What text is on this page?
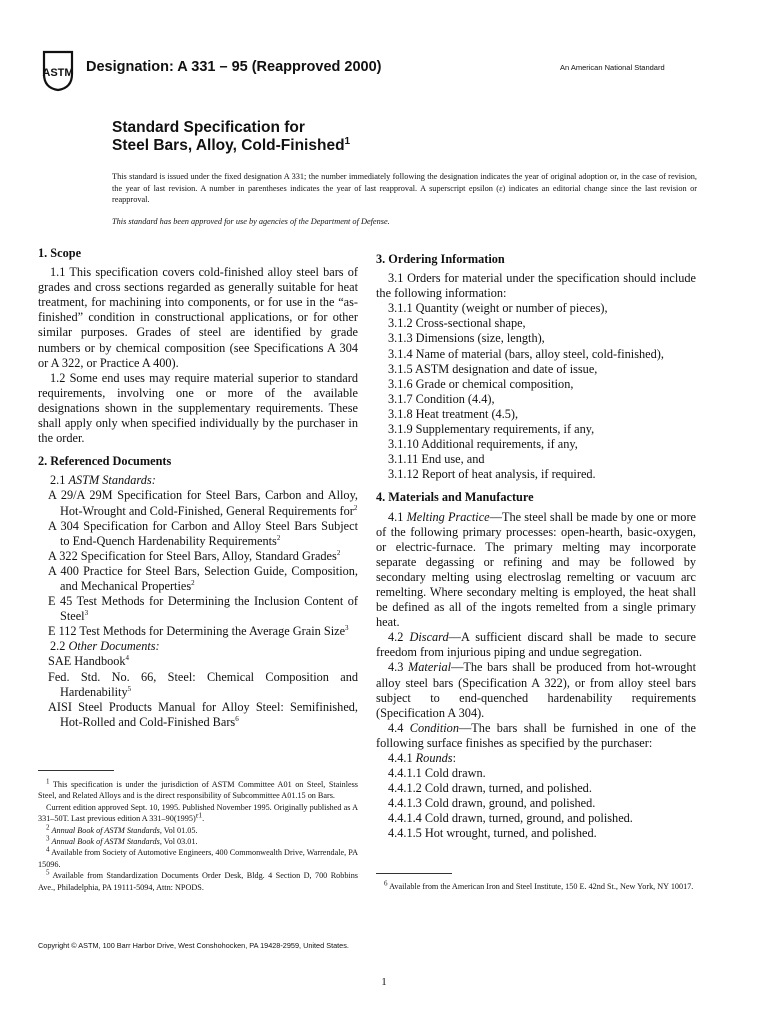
ASTM Designation: A 331 – 95 (Reapproved 2000)	An American National Standard
Standard Specification for
Steel Bars, Alloy, Cold-Finished$^1$
This standard is issued under the fixed designation A 331; the number immediately following the designation indicates the year of original adoption or, in the case of revision, the year of last revision. A number in parentheses indicates the year of last reapproval. A superscript epsilon (ε) indicates an editorial change since the last revision or reapproval.
This standard has been approved for use by agencies of the Department of Defense.
1. Scope

1.1 This specification covers cold-finished alloy steel bars of grades and cross sections regarded as generally suitable for heat treatment, for machining into components, or for use in the “as-finished” condition in constructional applications, or for other similar purposes. Grades of steel are identified by grade numbers or by chemical composition (see Specifications A 304 or A 322, or Practice A 400).

1.2 Some end uses may require material superior to standard requirements, involving one or more of the available designations shown in the supplementary requirements. These shall apply only when specified individually by the purchaser in the order.

2. Referenced Documents
2.1 ASTM Standards:
A 29/A 29M Specification for Steel Bars, Carbon and Alloy, Hot-Wrought and Cold-Finished, General Requirements for$^2$
A 304 Specification for Carbon and Alloy Steel Bars Subject to End-Quench Hardenability Requirements$^2$
A 322 Specification for Steel Bars, Alloy, Standard Grades$^2$
A 400 Practice for Steel Bars, Selection Guide, Composition, and Mechanical Properties$^2$
E 45 Test Methods for Determining the Inclusion Content of Steel$^3$
E 112 Test Methods for Determining the Average Grain Size$^3$
2.2 Other Documents:
SAE Handbook$^4$
Fed. Std. No. 66, Steel: Chemical Composition and Hardenability$^5$
AISI Steel Products Manual for Alloy Steel: Semifinished, Hot-Rolled and Cold-Finished Bars$^6$
3. Ordering Information

3.1 Orders for material under the specification should include the following information:

3.1.1 Quantity (weight or number of pieces),
3.1.2 Cross-sectional shape,
3.1.3 Dimensions (size, length),
3.1.4 Name of material (bars, alloy steel, cold-finished),
3.1.5 ASTM designation and date of issue,
3.1.6 Grade or chemical composition,
3.1.7 Condition (4.4),
3.1.8 Heat treatment (4.5),
3.1.9 Supplementary requirements, if any,
3.1.10 Additional requirements, if any,
3.1.11 End use, and
3.1.12 Report of heat analysis, if required.
4. Materials and Manufacture

4.1 Melting Practice—The steel shall be made by one or more of the following primary processes: open-hearth, basic-oxygen, or electric-furnace. The primary melting may incorporate separate degassing or refining and may be followed by secondary melting using electroslag remelting or vacuum arc remelting. Where secondary melting is employed, the heat shall be defined as all of the ingots remelted from a single primary heat.

4.2 Discard—A sufficient discard shall be made to secure freedom from injurious piping and undue segregation.

4.3 Material—The bars shall be produced from hot-wrought alloy steel bars (Specification A 322), or from alloy steel bars subject to end-quenched hardenability requirements (Specification A 304).

4.4 Condition—The bars shall be furnished in one of the following surface finishes as specified by the purchaser:

4.4.1 Rounds:
4.4.1.1 Cold drawn.
4.4.1.2 Cold drawn, turned, and polished.
4.4.1.3 Cold drawn, ground, and polished.
4.4.1.4 Cold drawn, turned, ground, and polished.
4.4.1.5 Hot wrought, turned, and polished.

$^1$ This specification is under the jurisdiction of ASTM Committee A01 on Steel, Stainless Steel, and Related Alloys and is the direct responsibility of Subcommittee A01.15 on Bars.

Current edition approved Sept. 10, 1995. Published November 1995. Originally published as A 331–50T. Last previous edition A $331-90(1995)^{\varepsilon 1}$.

$^2$ Annual Book of ASTM Standards, Vol 01.05.

$^3$ Annual Book of ASTM Standards, Vol 03.01.

$^4$ Available from Society of Automotive Engineers, 400 Commonwealth Drive, Warrendale, PA 15096.

$^5$ Available from Standardization Documents Order Desk, Bldg. 4 Section D, 700 Robbins Ave., Philadelphia, PA 19111-5094, Attn: NPODS.	$^6$ Available from the American Iron and Steel Institute, 150 E. 42nd St., New York, NY 10017.

Copyright © ASTM, 100 Barr Harbor Drive, West Conshohocken, PA 19428-2959, United States.
1
